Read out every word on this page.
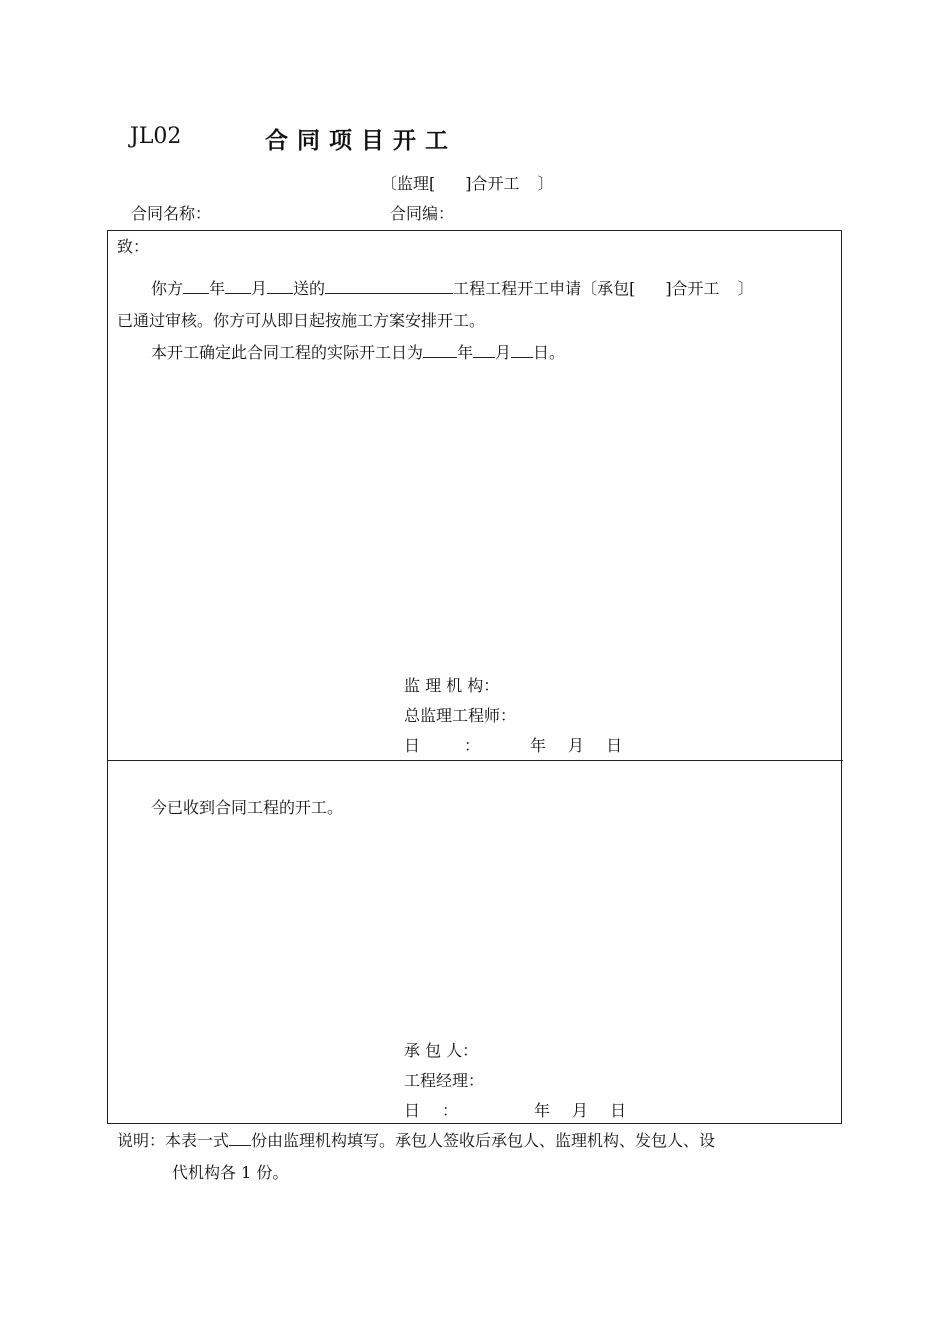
JL02	合同项目开工
〔监理[ ]合开工 〕
合同名称：	合同编：
致：
你方 年 月 送的	工程工程开工申请〔承包[ ]合开工 〕
已通过审核。你方可从即日起按施工方案安排开工。
本开工确定此合同工程的实际开工日为 年 月 日。
监 理 机 构：
总监理工程师：
日	：	年 月 日
今已收到合同工程的开工。
承 包 人：
工程经理：
日 ：	年 月 日
说明：本表一式 份由监理机构填写。承包人签收后承包人、监理机构、发包人、设
代机构各 1 份。
